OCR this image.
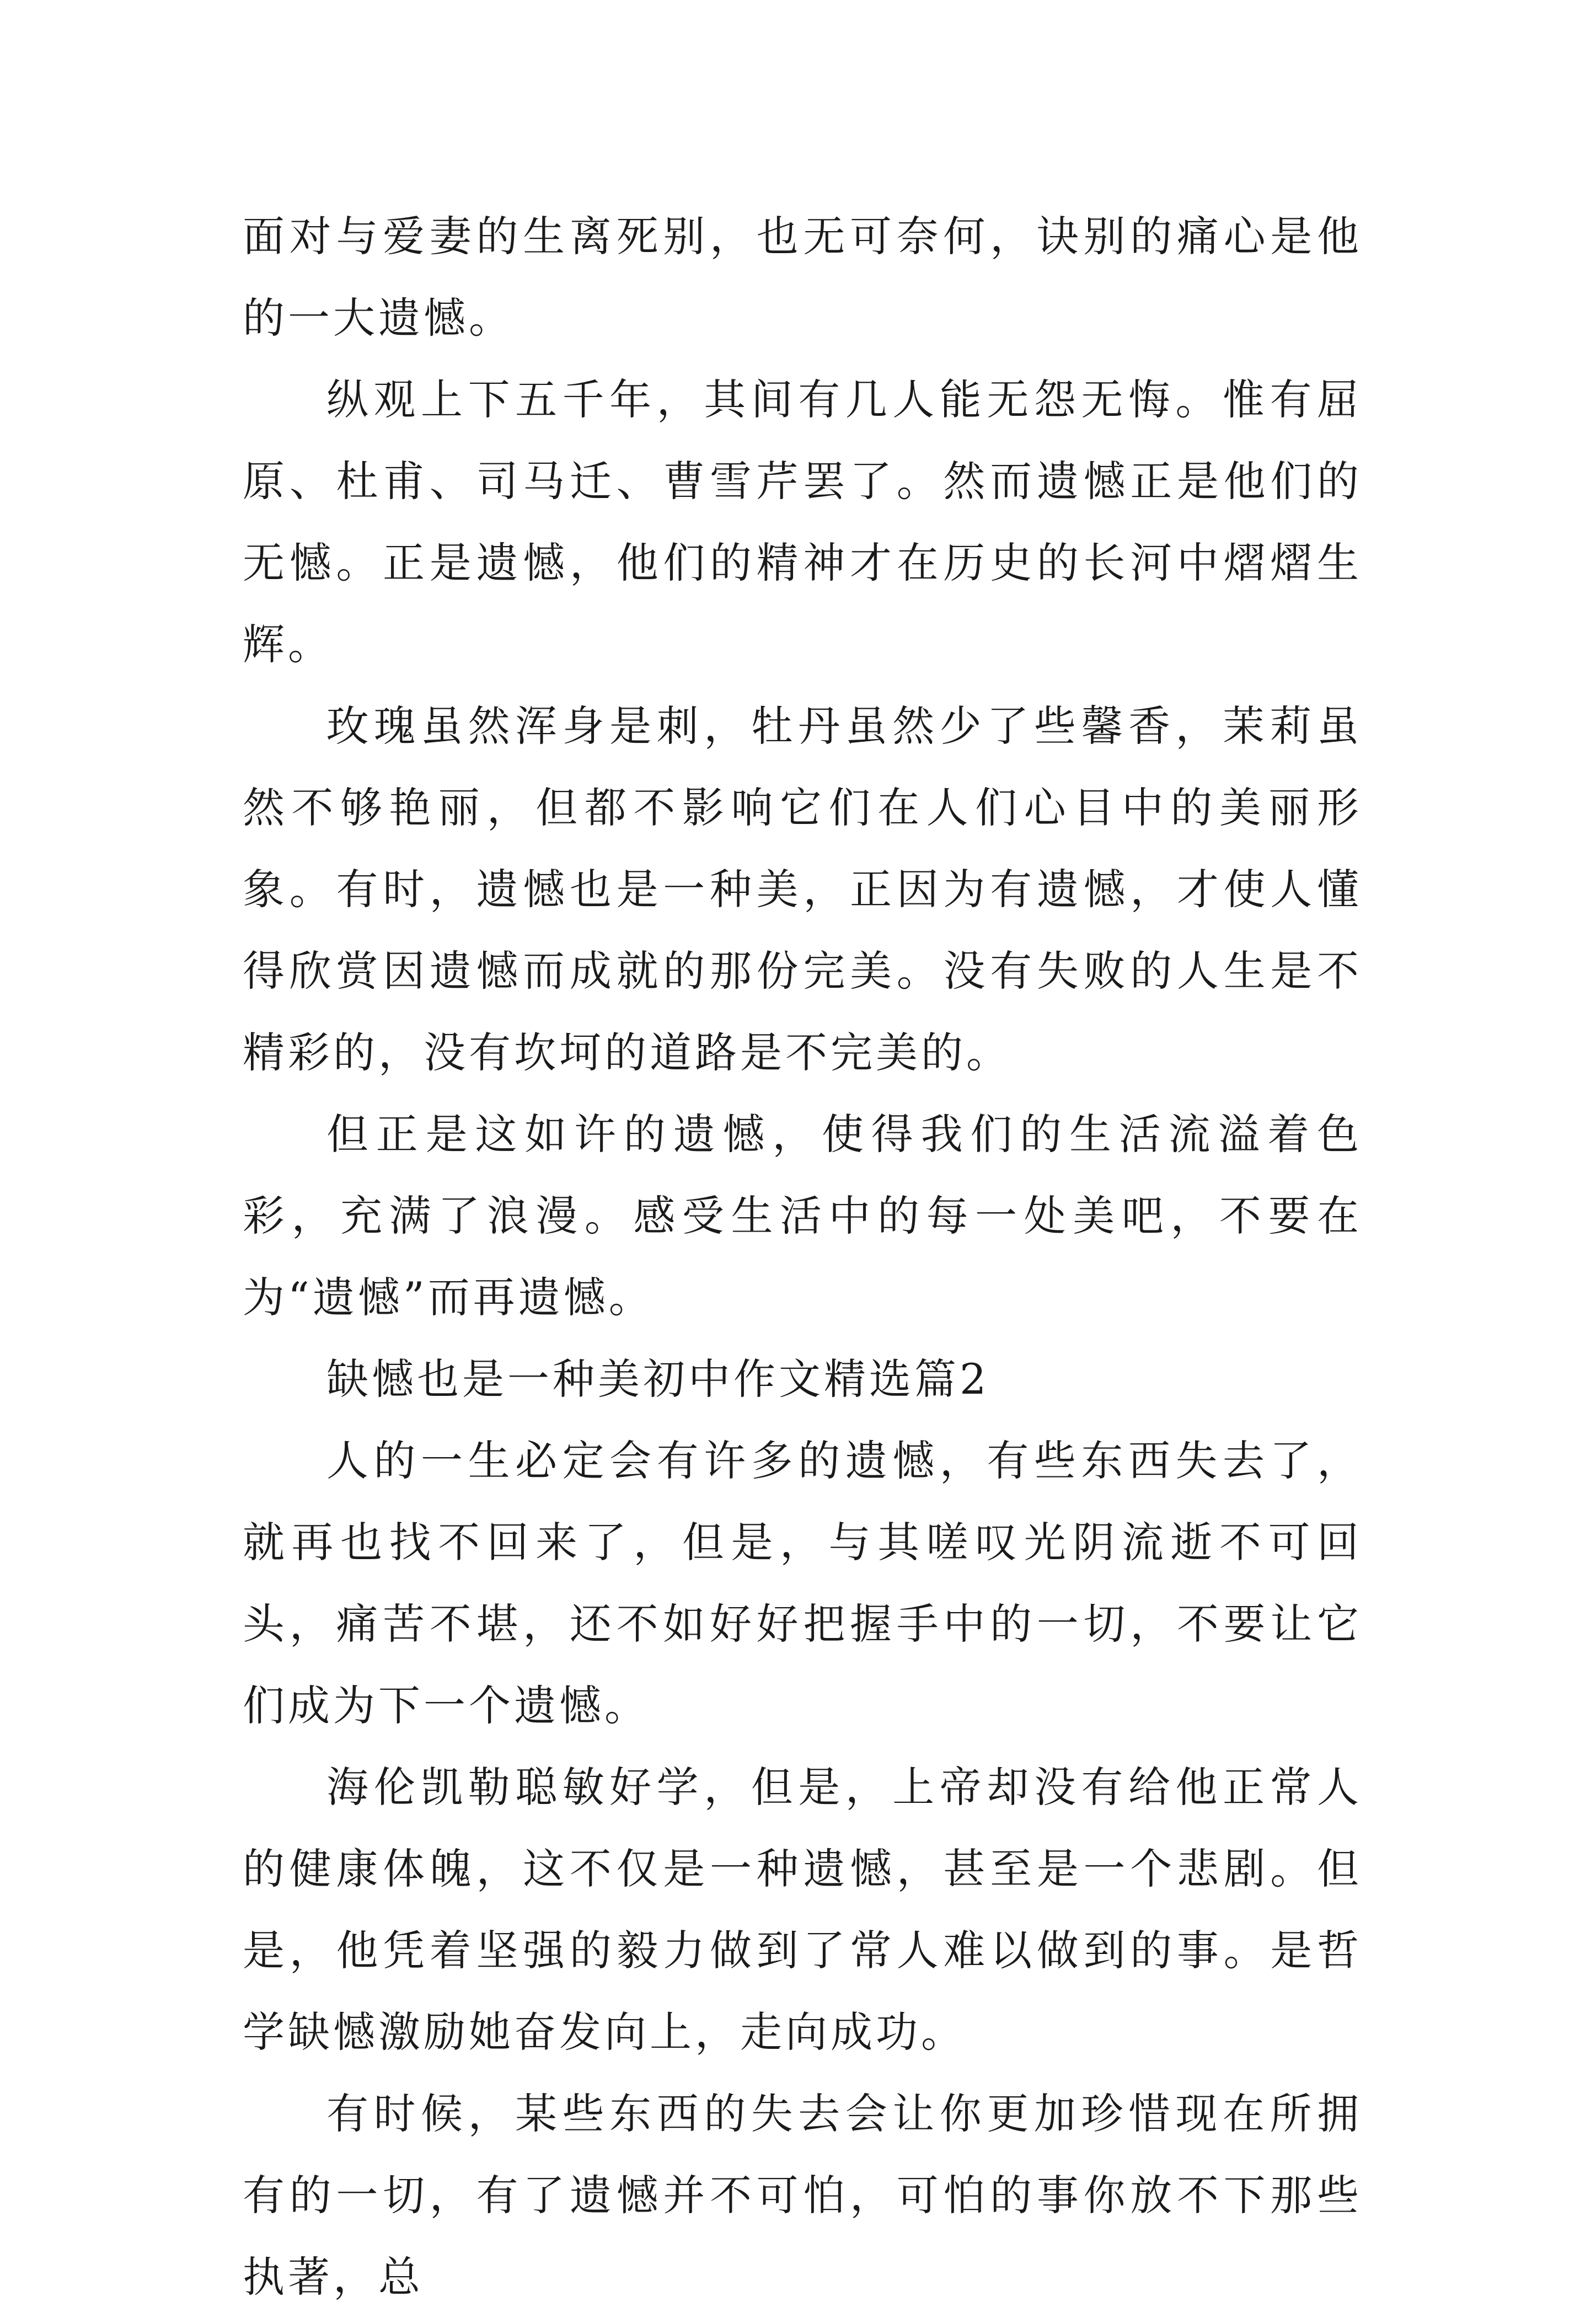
面对与爱妻的生离死别，也无可奈何，诀别的痛心是他的一大遗憾。

纵观上下五千年，其间有几人能无怨无悔。惟有屈原、杜甫、司马迁、曹雪芹罢了。然而遗憾正是他们的无憾。正是遗憾，他们的精神才在历史的长河中熠熠生辉。

玫瑰虽然浑身是刺，牡丹虽然少了些馨香，茉莉虽然不够艳丽，但都不影响它们在人们心目中的美丽形象。有时，遗憾也是一种美，正因为有遗憾，才使人懂得欣赏因遗憾而成就的那份完美。没有失败的人生是不精彩的，没有坎坷的道路是不完美的。

但正是这如许的遗憾，使得我们的生活流溢着色彩，充满了浪漫。感受生活中的每一处美吧，不要在为“遗憾”而再遗憾。

缺憾也是一种美初中作文精选篇2

人的一生必定会有许多的遗憾，有些东西失去了，就再也找不回来了，但是，与其嗟叹光阴流逝不可回头，痛苦不堪，还不如好好把握手中的一切，不要让它们成为下一个遗憾。

海伦凯勒聪敏好学，但是，上帝却没有给他正常人的健康体魄，这不仅是一种遗憾，甚至是一个悲剧。但是，他凭着坚强的毅力做到了常人难以做到的事。是哲学缺憾激励她奋发向上，走向成功。

有时候，某些东西的失去会让你更加珍惜现在所拥有的一切，有了遗憾并不可怕，可怕的事你放不下那些执著，总
